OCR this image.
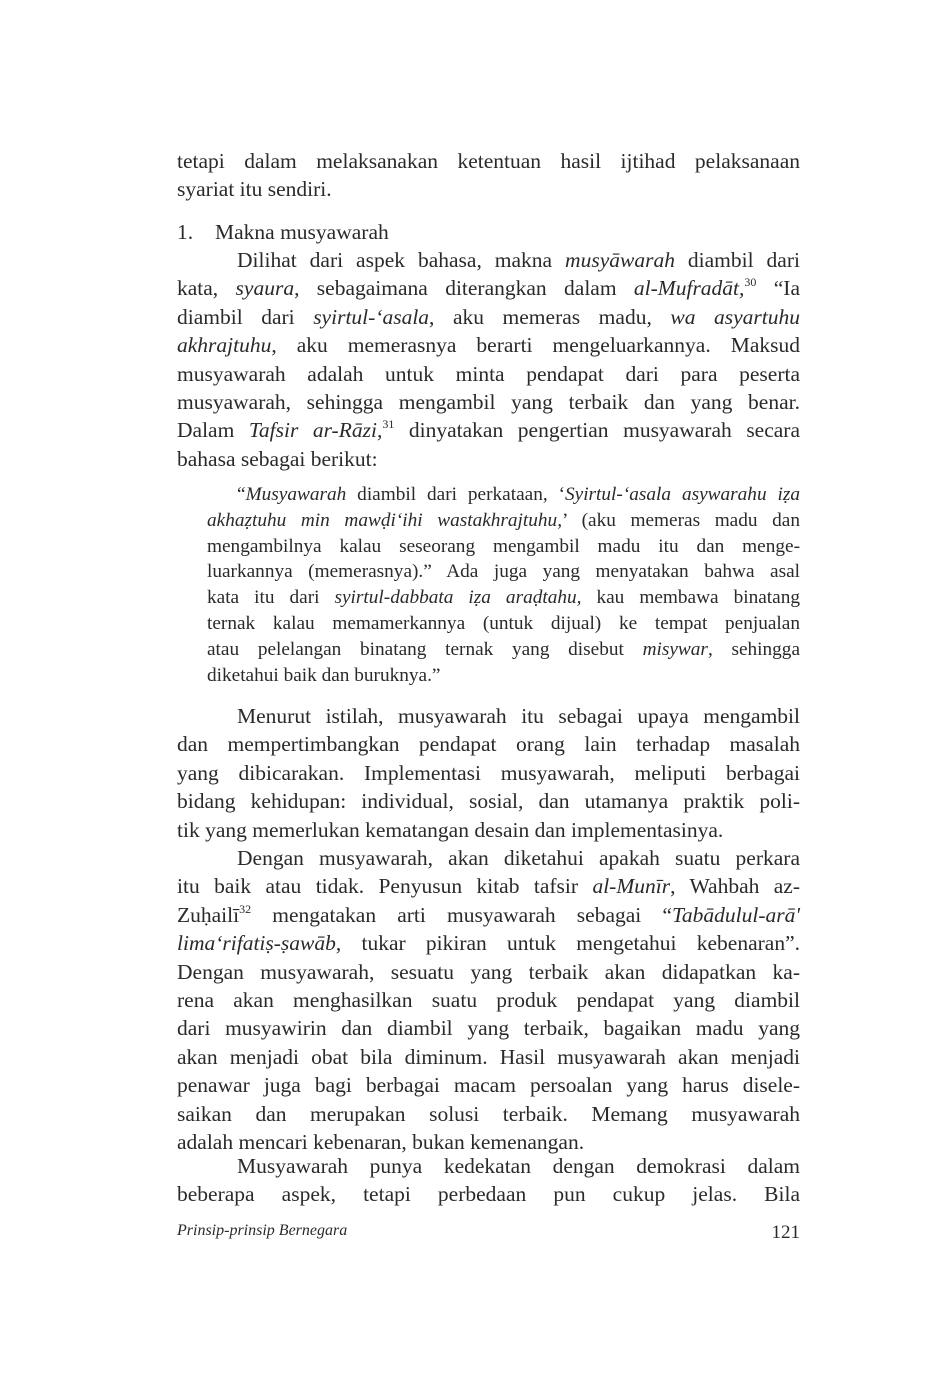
tetapi dalam melaksanakan ketentuan hasil ijtihad pelaksanaan
syariat itu sendiri.
1. Makna musyawarah
Dilihat dari aspek bahasa, makna musyāwarah diambil dari
kata, syaura, sebagaimana diterangkan dalam al-Mufradāt,$^{30}$ “Ia
diambil dari syirtul-‘asala, aku memeras madu, wa asyartuhu
akhrajtuhu, aku memerasnya berarti mengeluarkannya. Maksud
musyawarah adalah untuk minta pendapat dari para peserta
musyawarah, sehingga mengambil yang terbaik dan yang benar.
Dalam Tafsir ar-Rāzi,$^{31}$ dinyatakan pengertian musyawarah secara
bahasa sebagai berikut:
“Musyawarah diambil dari perkataan, ‘Syirtul-‘asala asywarahu iẓa
akhaẓtuhu min mawḍi‘ihi wastakhrajtuhu,’ (aku memeras madu dan
mengambilnya kalau seseorang mengambil madu itu dan menge-
luarkannya (memerasnya).” Ada juga yang menyatakan bahwa asal
kata itu dari syirtul-dabbata iẓa araḍtahu, kau membawa binatang
ternak kalau memamerkannya (untuk dijual) ke tempat penjualan
atau pelelangan binatang ternak yang disebut misywar, sehingga
diketahui baik dan buruknya.”
Menurut istilah, musyawarah itu sebagai upaya mengambil
dan mempertimbangkan pendapat orang lain terhadap masalah
yang dibicarakan. Implementasi musyawarah, meliputi berbagai
bidang kehidupan: individual, sosial, dan utamanya praktik poli-
tik yang memerlukan kematangan desain dan implementasinya.
Dengan musyawarah, akan diketahui apakah suatu perkara
itu baik atau tidak. Penyusun kitab tafsir al-Munīr, Wahbah az-
Zuḥailī$^{32}$ mengatakan arti musyawarah sebagai “Tabādulul-arā'
lima‘rifatiṣ-ṣawāb, tukar pikiran untuk mengetahui kebenaran”.
Dengan musyawarah, sesuatu yang terbaik akan didapatkan ka-
rena akan menghasilkan suatu produk pendapat yang diambil
dari musyawirin dan diambil yang terbaik, bagaikan madu yang
akan menjadi obat bila diminum. Hasil musyawarah akan menjadi
penawar juga bagi berbagai macam persoalan yang harus disele-
saikan dan merupakan solusi terbaik. Memang musyawarah
adalah mencari kebenaran, bukan kemenangan.
Musyawarah punya kedekatan dengan demokrasi dalam
beberapa aspek, tetapi perbedaan pun cukup jelas. Bila
Prinsip-prinsip Bernegara	121
